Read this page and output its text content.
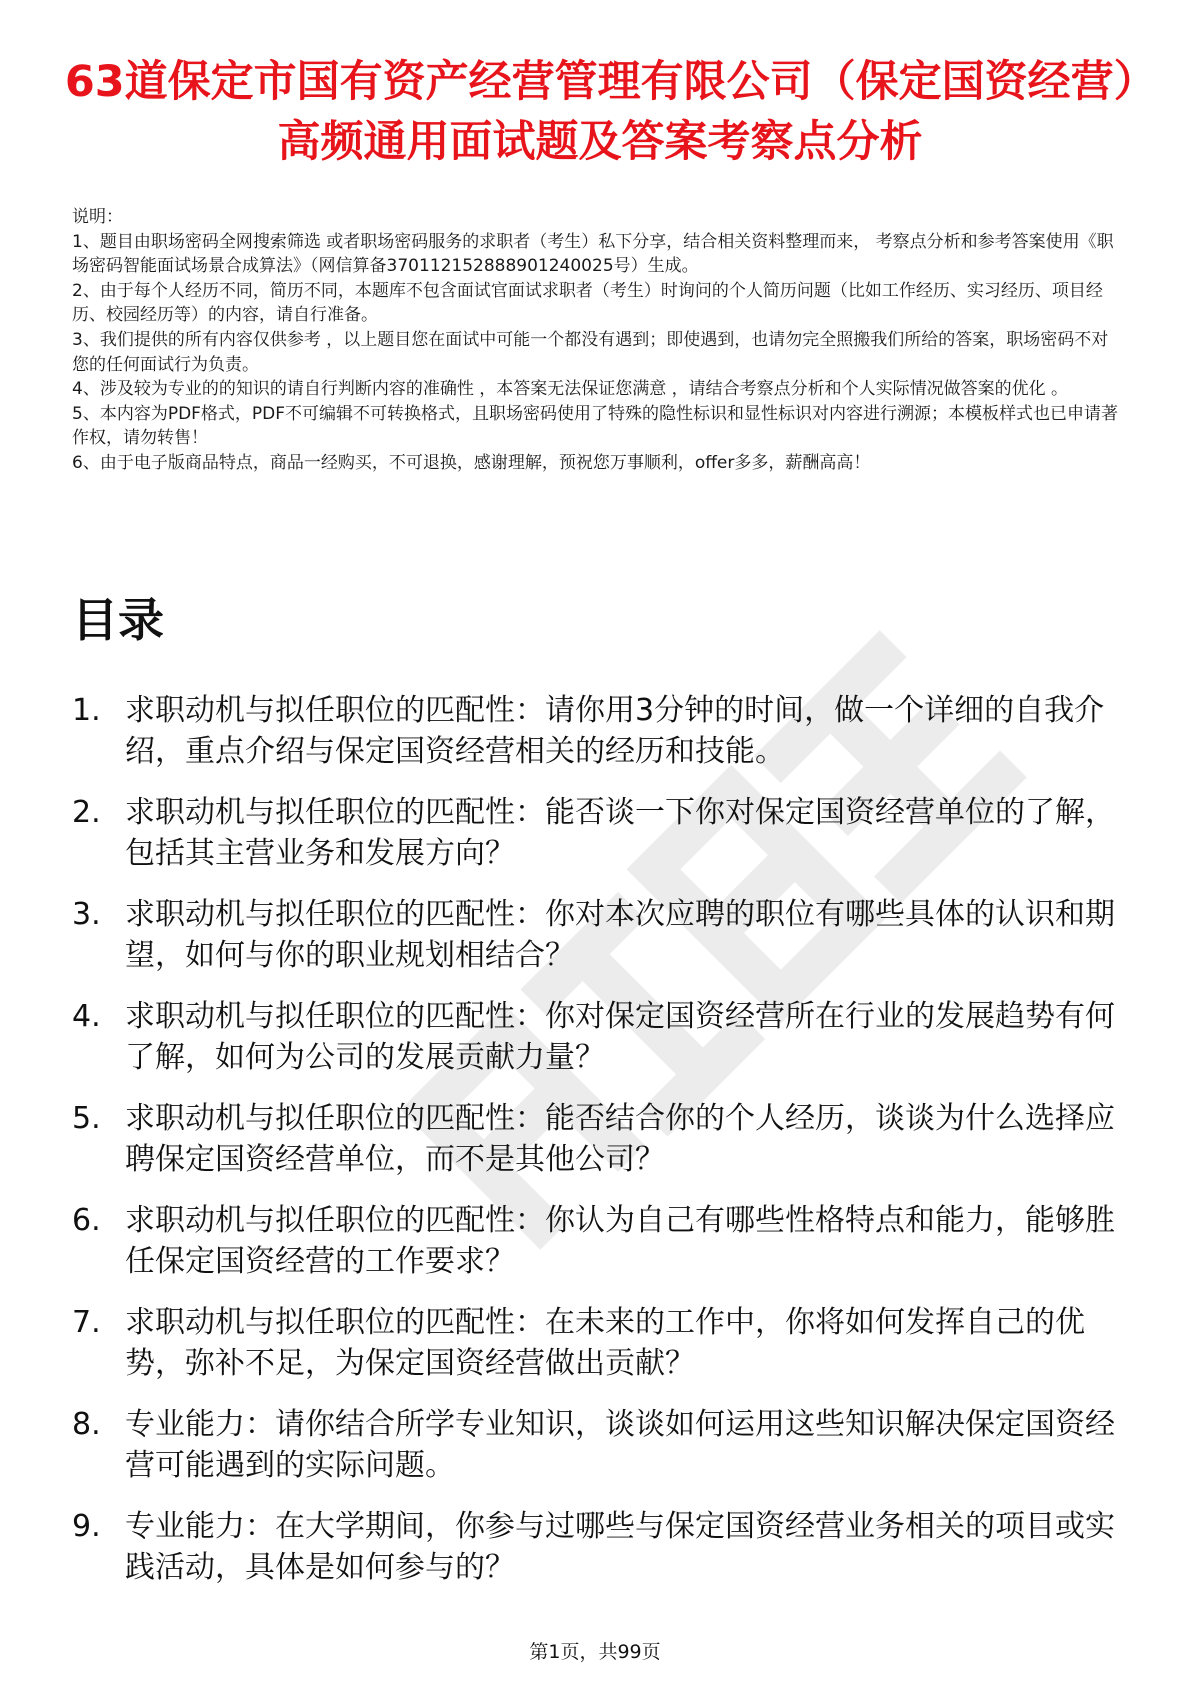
63道保定市国有资产经营管理有限公司（保定国资经营）高频通用面试题及答案考察点分析

说明：

1、题目由职场密码全网搜索筛选 或者职场密码服务的求职者（考生）私下分享，结合相关资料整理而来， 考察点分析和参考答案使用《职场密码智能面试场景合成算法》（网信算备370112152888901240025号）生成。

2、由于每个人经历不同，简历不同，本题库不包含面试官面试求职者（考生）时询问的个人简历问题（比如工作经历、实习经历、项目经历、校园经历等）的内容，请自行准备。

3、我们提供的所有内容仅供参考 ，以上题目您在面试中可能一个都没有遇到；即使遇到，也请勿完全照搬我们所给的答案，职场密码不对您的任何面试行为负责。

4、涉及较为专业的的知识的请自行判断内容的准确性 ，本答案无法保证您满意 ，请结合考察点分析和个人实际情况做答案的优化 。

5、本内容为PDF格式，PDF不可编辑不可转换格式，且职场密码使用了特殊的隐性标识和显性标识对内容进行溯源；本模板样式也已申请著作权，请勿转售！

6、由于电子版商品特点，商品一经购买，不可退换，感谢理解，预祝您万事顺利，offer多多，薪酬高高！

目录
1. 求职动机与拟任职位的匹配性：请你用3分钟的时间，做一个详细的自我介绍，重点介绍与保定国资经营相关的经历和技能。
2. 求职动机与拟任职位的匹配性：能否谈一下你对保定国资经营单位的了解，包括其主营业务和发展方向？
3. 求职动机与拟任职位的匹配性：你对本次应聘的职位有哪些具体的认识和期望，如何与你的职业规划相结合？
4. 求职动机与拟任职位的匹配性：你对保定国资经营所在行业的发展趋势有何了解，如何为公司的发展贡献力量？
5. 求职动机与拟任职位的匹配性：能否结合你的个人经历，谈谈为什么选择应聘保定国资经营单位，而不是其他公司？
6. 求职动机与拟任职位的匹配性：你认为自己有哪些性格特点和能力，能够胜任保定国资经营的工作要求？
7. 求职动机与拟任职位的匹配性：在未来的工作中，你将如何发挥自己的优势，弥补不足，为保定国资经营做出贡献？
8. 专业能力：请你结合所学专业知识，谈谈如何运用这些知识解决保定国资经营可能遇到的实际问题。
9. 专业能力：在大学期间，你参与过哪些与保定国资经营业务相关的项目或实践活动，具体是如何参与的？
第1页，共99页
